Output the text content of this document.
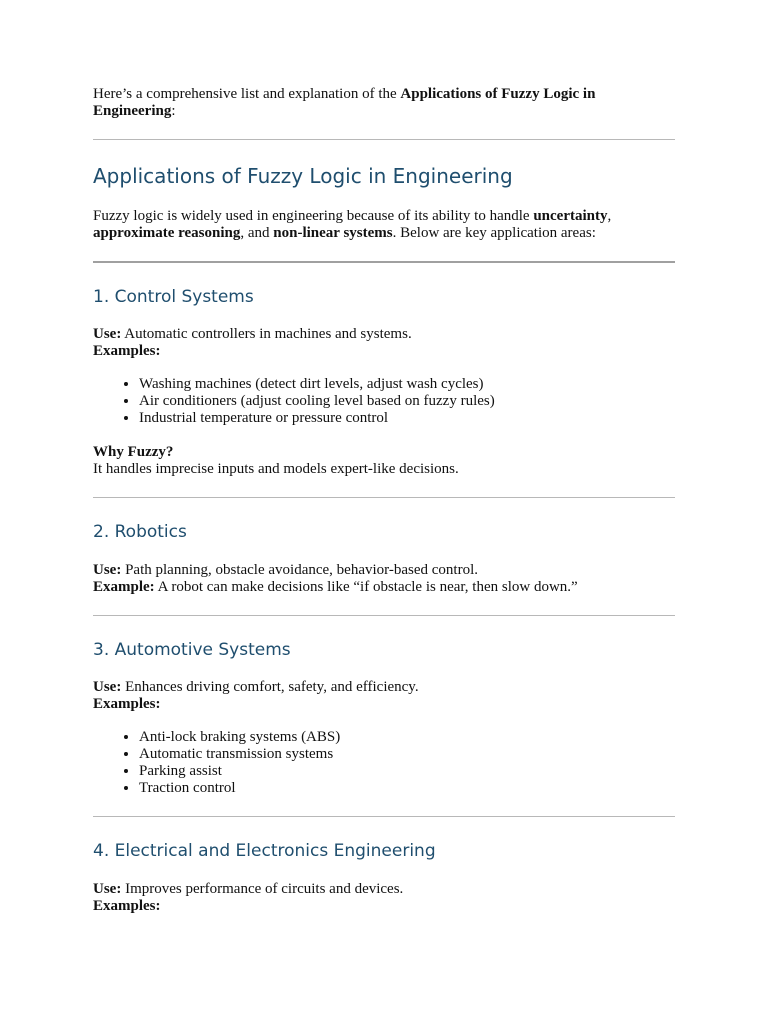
Here’s a comprehensive list and explanation of the Applications of Fuzzy Logic in Engineering:

Applications of Fuzzy Logic in Engineering

Fuzzy logic is widely used in engineering because of its ability to handle uncertainty, approximate reasoning, and non-linear systems. Below are key application areas:

1. Control Systems

Use: Automatic controllers in machines and systems.

Examples:

• Washing machines (detect dirt levels, adjust wash cycles)
• Air conditioners (adjust cooling level based on fuzzy rules)
• Industrial temperature or pressure control

Why Fuzzy?

It handles imprecise inputs and models expert-like decisions.

2. Robotics

Use: Path planning, obstacle avoidance, behavior-based control.

Example: A robot can make decisions like “if obstacle is near, then slow down.”

3. Automotive Systems

Use: Enhances driving comfort, safety, and efficiency.

Examples:

• Anti-lock braking systems (ABS)
• Automatic transmission systems
• Parking assist
• Traction control
4. Electrical and Electronics Engineering

Use: Improves performance of circuits and devices.

Examples:
